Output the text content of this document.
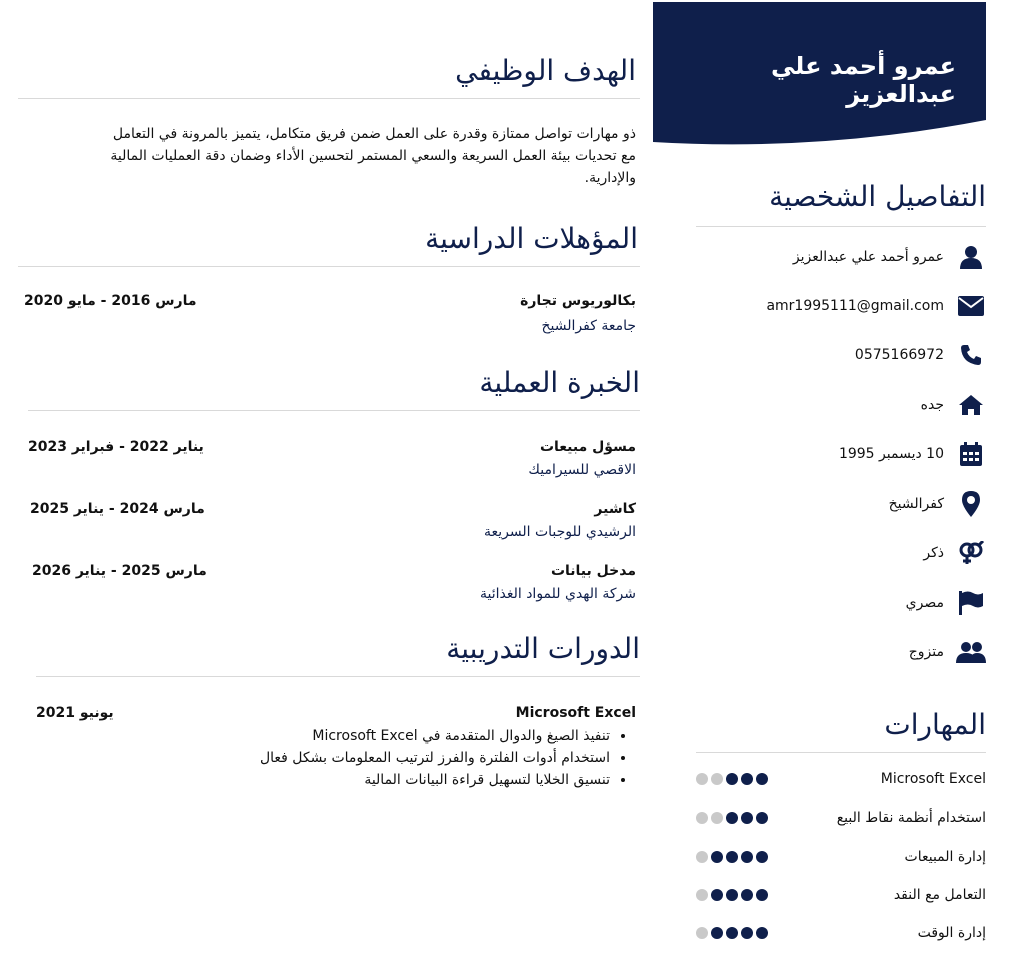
عمرو أحمد علي عبدالعزيز
التفاصيل الشخصية
عمرو أحمد علي عبدالعزيز
amr1995111@gmail.com
0575166972
جده
10 ديسمبر 1995
كفرالشيخ
ذكر
مصري
متزوج
المهارات
Microsoft Excel
استخدام أنظمة نقاط البيع
إدارة المبيعات
التعامل مع النقد
إدارة الوقت
الهدف الوظيفي
ذو مهارات تواصل ممتازة وقدرة على العمل ضمن فريق متكامل، يتميز بالمرونة في التعامل
مع تحديات بيئة العمل السريعة والسعي المستمر لتحسين الأداء وضمان دقة العمليات المالية
والإدارية.
المؤهلات الدراسية
بكالوريوس تجارة
جامعة كفرالشيخ
مارس 2016 - مايو 2020
الخبرة العملية
مسؤل مبيعات
الاقصي للسيراميك
يناير 2022 - فبراير 2023
كاشير
الرشيدي للوجبات السريعة
مارس 2024 - يناير 2025
مدخل بيانات
شركة الهدي للمواد الغذائية
مارس 2025 - يناير 2026
الدورات التدريبية
Microsoft Excel
يونيو 2021
• تنفيذ الصيغ والدوال المتقدمة في Microsoft Excel
• استخدام أدوات الفلترة والفرز لترتيب المعلومات بشكل فعال
• تنسيق الخلايا لتسهيل قراءة البيانات المالية
